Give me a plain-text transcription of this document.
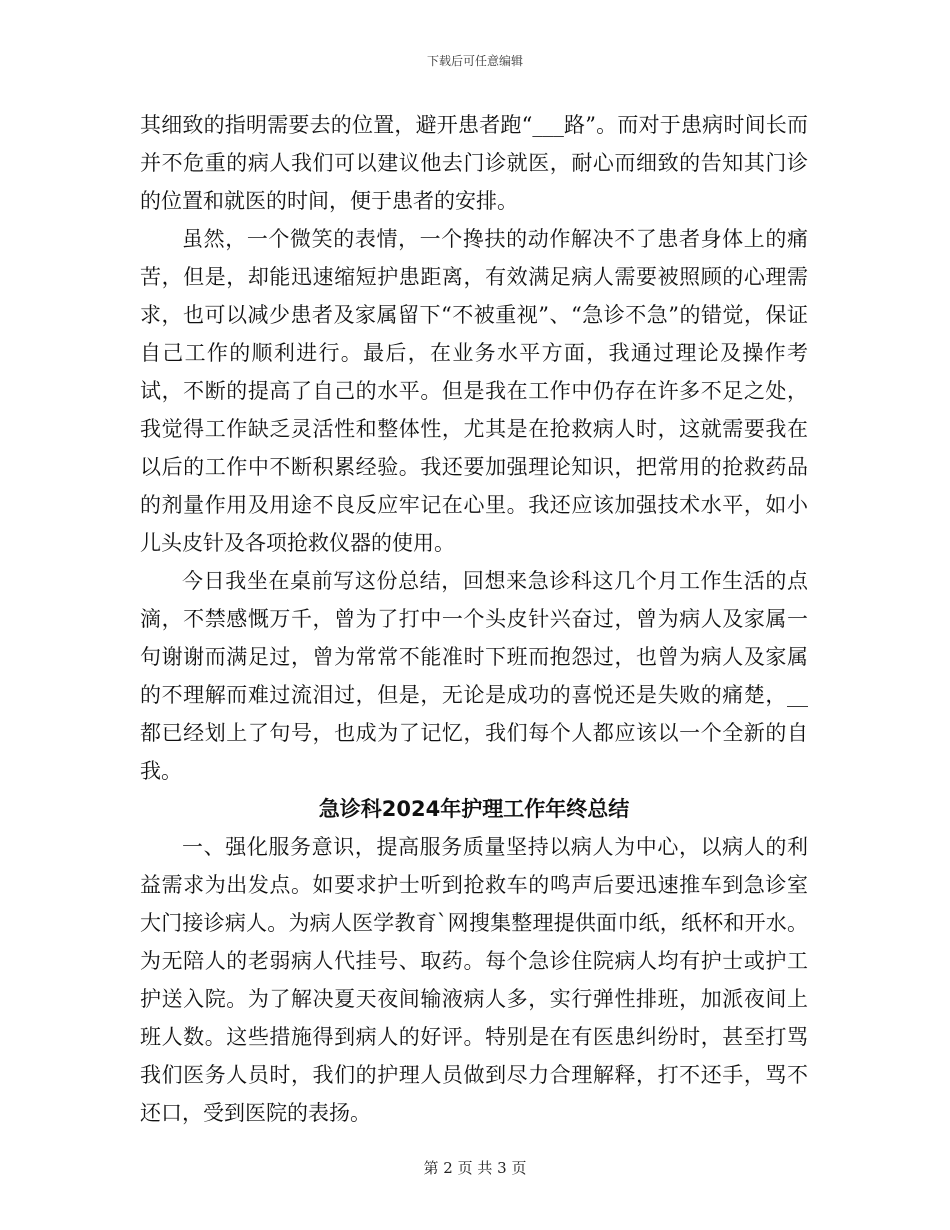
下载后可任意编辑

其细致的指明需要去的位置，避开患者跑“___路”。而对于患病时间长而并不危重的病人我们可以建议他去门诊就医，耐心而细致的告知其门诊的位置和就医的时间，便于患者的安排。

虽然，一个微笑的表情，一个搀扶的动作解决不了患者身体上的痛苦，但是，却能迅速缩短护患距离，有效满足病人需要被照顾的心理需求，也可以减少患者及家属留下“不被重视”、“急诊不急”的错觉，保证自己工作的顺利进行。最后，在业务水平方面，我通过理论及操作考试，不断的提高了自己的水平。但是我在工作中仍存在许多不足之处，我觉得工作缺乏灵活性和整体性，尤其是在抢救病人时，这就需要我在以后的工作中不断积累经验。我还要加强理论知识，把常用的抢救药品的剂量作用及用途不良反应牢记在心里。我还应该加强技术水平，如小儿头皮针及各项抢救仪器的使用。

今日我坐在桌前写这份总结，回想来急诊科这几个月工作生活的点滴，不禁感慨万千，曾为了打中一个头皮针兴奋过，曾为病人及家属一句谢谢而满足过，曾为常常不能准时下班而抱怨过，也曾为病人及家属的不理解而难过流泪过，但是，无论是成功的喜悦还是失败的痛楚，__都已经划上了句号，也成为了记忆，我们每个人都应该以一个全新的自我。

急诊科2024年护理工作年终总结

一、强化服务意识，提高服务质量坚持以病人为中心，以病人的利益需求为出发点。如要求护士听到抢救车的鸣声后要迅速推车到急诊室大门接诊病人。为病人医学教育`网搜集整理提供面巾纸，纸杯和开水。为无陪人的老弱病人代挂号、取药。每个急诊住院病人均有护士或护工护送入院。为了解决夏天夜间输液病人多，实行弹性排班，加派夜间上班人数。这些措施得到病人的好评。特别是在有医患纠纷时，甚至打骂我们医务人员时，我们的护理人员做到尽力合理解释，打不还手，骂不还口，受到医院的表扬。

第 2 页 共 3 页
